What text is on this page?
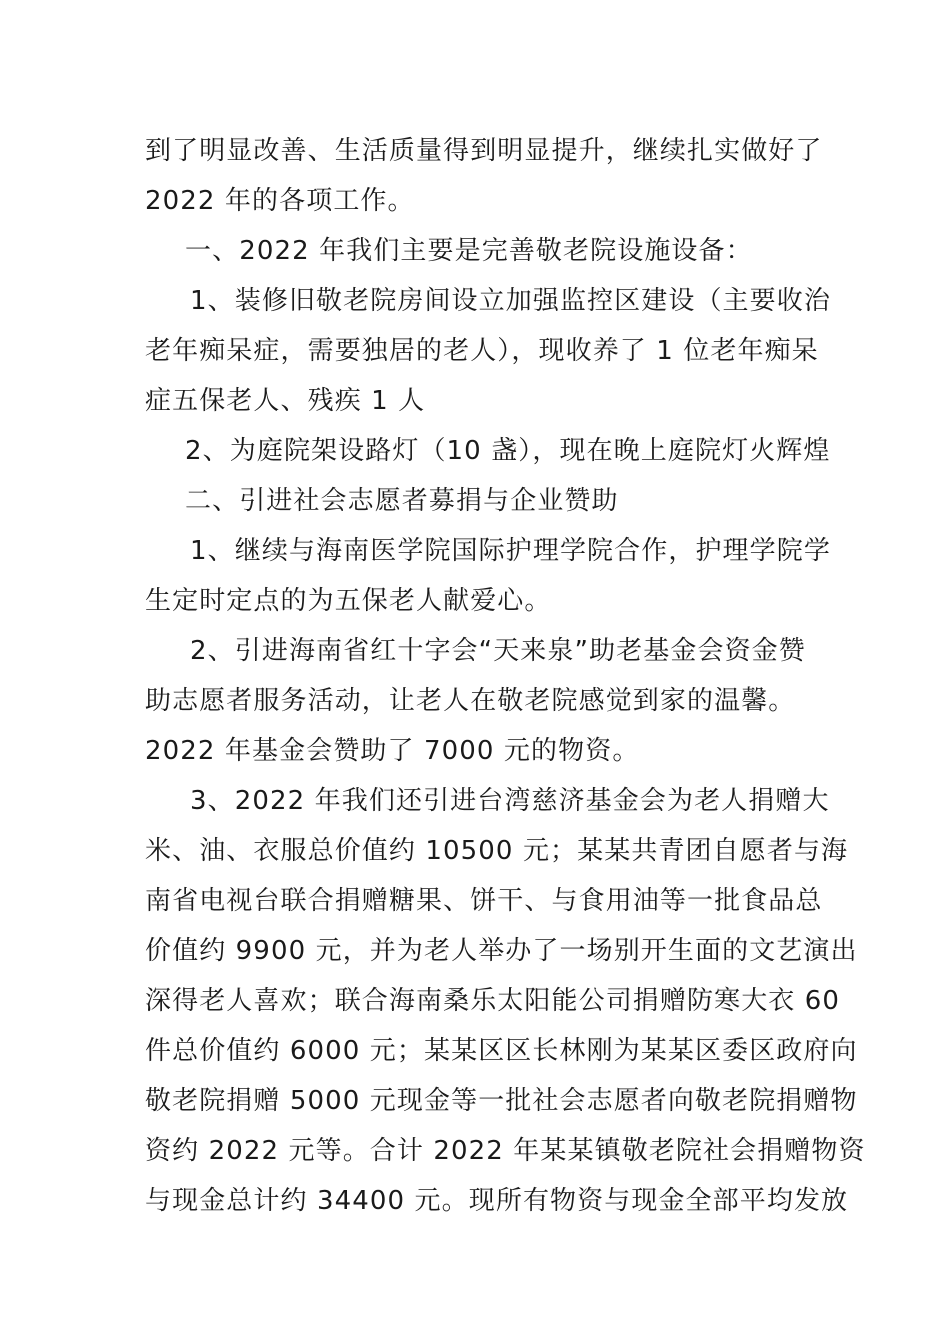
到了明显改善、生活质量得到明显提升，继续扎实做好了
2022 年的各项工作。
一、2022 年我们主要是完善敬老院设施设备：
1、装修旧敬老院房间设立加强监控区建设（主要收治
老年痴呆症，需要独居的老人），现收养了 1 位老年痴呆
症五保老人、残疾 1 人
2、为庭院架设路灯（10 盏），现在晚上庭院灯火辉煌
二、引进社会志愿者募捐与企业赞助
1、继续与海南医学院国际护理学院合作，护理学院学
生定时定点的为五保老人献爱心。
2、引进海南省红十字会“天来泉”助老基金会资金赞
助志愿者服务活动，让老人在敬老院感觉到家的温馨。
2022 年基金会赞助了 7000 元的物资。
3、2022 年我们还引进台湾慈济基金会为老人捐赠大
米、油、衣服总价值约 10500 元；某某共青团自愿者与海
南省电视台联合捐赠糖果、饼干、与食用油等一批食品总
价值约 9900 元，并为老人举办了一场别开生面的文艺演出
深得老人喜欢；联合海南桑乐太阳能公司捐赠防寒大衣 60
件总价值约 6000 元；某某区区长林刚为某某区委区政府向
敬老院捐赠 5000 元现金等一批社会志愿者向敬老院捐赠物
资约 2022 元等。合计 2022 年某某镇敬老院社会捐赠物资
与现金总计约 34400 元。现所有物资与现金全部平均发放
